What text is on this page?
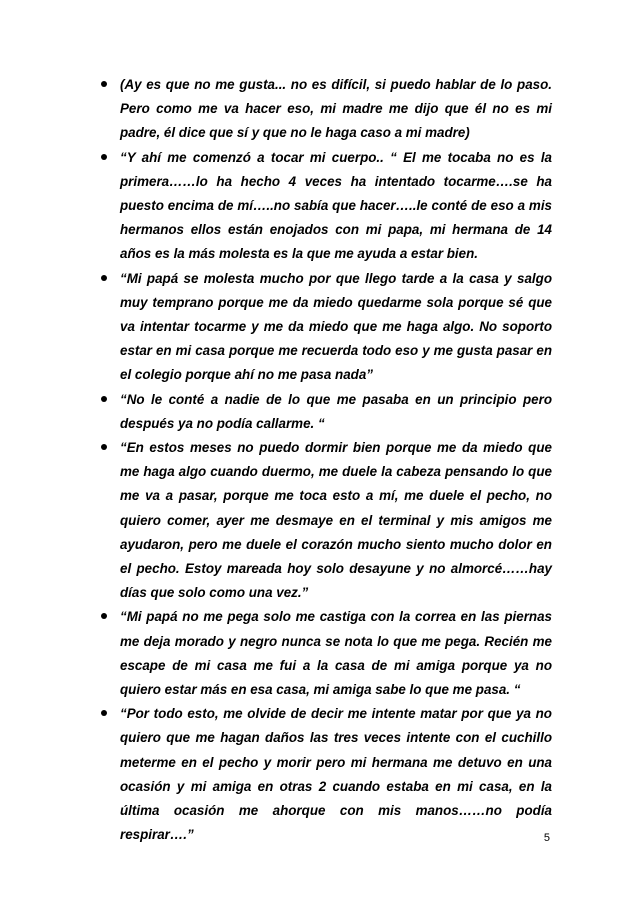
(Ay es que no me gusta... no es difícil, si puedo hablar de lo paso. Pero como me va hacer eso, mi madre me dijo que él no es mi padre, él dice que sí y que no le haga caso a mi madre)
“Y ahí me comenzó a tocar mi cuerpo.. “ El me tocaba no es la primera……lo ha hecho 4 veces ha intentado tocarme….se ha puesto encima de mí…..no sabía que hacer…..le conté de eso a mis hermanos ellos están enojados con mi papa, mi hermana de 14 años es la más molesta es la que me ayuda a estar bien.
“Mi papá se molesta mucho por que llego tarde a la casa y salgo muy temprano porque me da miedo quedarme sola porque sé que va intentar tocarme y me da miedo que me haga algo. No soporto estar en mi casa porque me recuerda todo eso y me gusta pasar en el colegio porque ahí no me pasa nada”
“No le conté a nadie de lo que me pasaba en un principio pero después ya no podía callarme. “
“En estos meses no puedo dormir bien porque me da miedo que me haga algo cuando duermo, me duele la cabeza pensando lo que me va a pasar, porque me toca esto a mí, me duele el pecho, no quiero comer, ayer me desmaye en el terminal y mis amigos me ayudaron, pero me duele el corazón mucho siento mucho dolor en el pecho. Estoy mareada hoy solo desayune y no almorcé……hay días que solo como una vez.”
“Mi papá no me pega solo me castiga con la correa en las piernas me deja morado y negro nunca se nota lo que me pega. Recién me escape de mi casa me fui a la casa de mi amiga porque ya no quiero estar más en esa casa, mi amiga sabe lo que me pasa. “
“Por todo esto, me olvide de decir me intente matar por que ya no quiero que me hagan daños las tres veces intente con el cuchillo meterme en el pecho y morir pero mi hermana me detuvo en una ocasión y mi amiga en otras 2 cuando estaba en mi casa, en la última ocasión me ahorque con mis manos……no podía respirar….”	5
